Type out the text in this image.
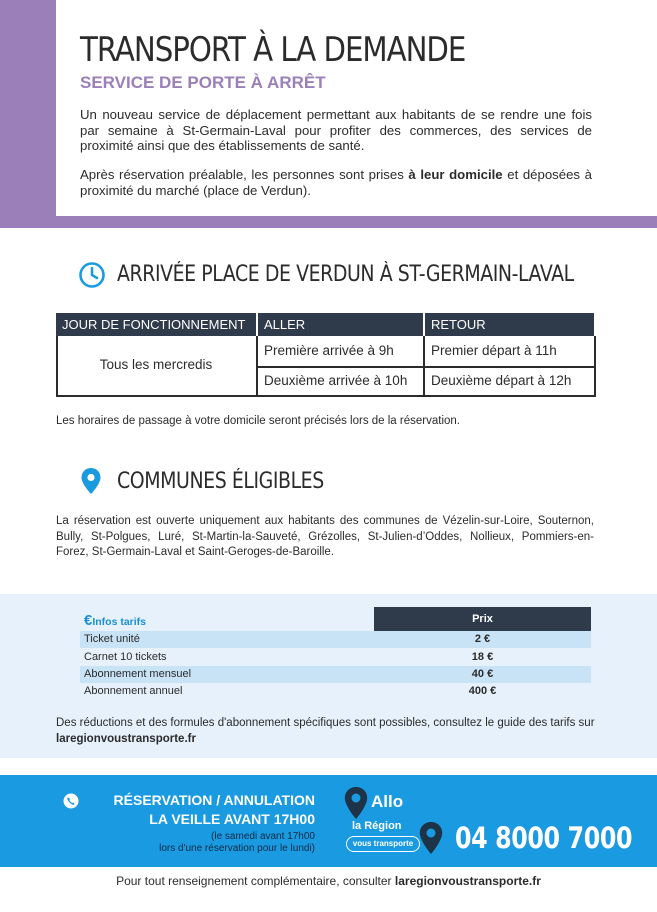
TRANSPORT À LA DEMANDE
SERVICE DE PORTE À ARRÊT

Un nouveau service de déplacement permettant aux habitants de se rendre une fois par semaine à St-Germain-Laval pour profiter des commerces, des services de proximité ainsi que des établissements de santé.

Après réservation préalable, les personnes sont prises à leur domicile et déposées à proximité du marché (place de Verdun).

ARRIVÉE PLACE DE VERDUN À ST-GERMAIN-LAVAL
JOUR DE FONCTIONNEMENT	ALLER	RETOUR
Tous les mercredis
Première arrivée à 9h	Premier départ à 11h
Deuxième arrivée à 10h	Deuxième départ à 12h

Les horaires de passage à votre domicile seront précisés lors de la réservation.

COMMUNES ÉLIGIBLES

La réservation est ouverte uniquement aux habitants des communes de Vézelin-sur-Loire, Souternon, Bully, St-Polgues, Luré, St-Martin-la-Sauveté, Grézolles, St-Julien-d’Oddes, Nollieux, Pommiers-en-Forez, St-Germain-Laval et Saint-Geroges-de-Baroille.

€Infos tarifs	Prix
Ticket unité	2 €
Carnet 10 tickets	18 €
Abonnement mensuel	40 €
Abonnement annuel	400 €

Des réductions et des formules d'abonnement spécifiques sont possibles, consultez le guide des tarifs sur laregionvoustransporte.fr

RÉSERVATION / ANNULATION
LA VEILLE AVANT 17H00
(le samedi avant 17h00
lors d'une réservation pour le lundi)
Allo
la Région
vous transporte 04 8000 7000
Pour tout renseignement complémentaire, consulter laregionvoustransporte.fr
